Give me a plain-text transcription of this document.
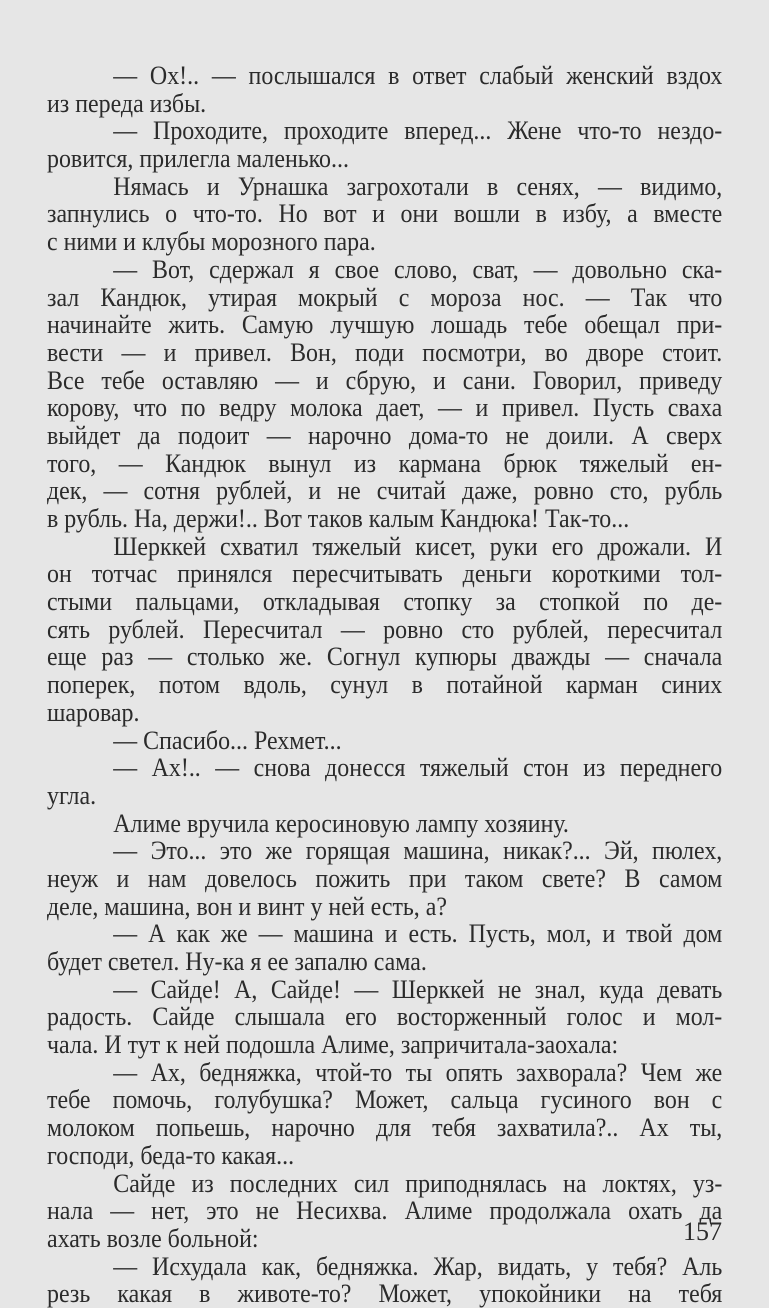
— Ох!.. — послышался в ответ слабый женский вздох
из переда избы.
— Проходите, проходите вперед... Жене что-то нездо-
ровится, прилегла маленько...
Нямась и Урнашка загрохотали в сенях, — видимо,
запнулись о что-то. Но вот и они вошли в избу, а вместе
с ними и клубы морозного пара.
— Вот, сдержал я свое слово, сват, — довольно ска-
зал Кандюк, утирая мокрый с мороза нос. — Так что
начинайте жить. Самую лучшую лошадь тебе обещал при-
вести — и привел. Вон, поди посмотри, во дворе стоит.
Все тебе оставляю — и сбрую, и сани. Говорил, приведу
корову, что по ведру молока дает, — и привел. Пусть сваха
выйдет да подоит — нарочно дома-то не доили. А сверх
того, — Кандюк вынул из кармана брюк тяжелый ен-
дек, — сотня рублей, и не считай даже, ровно сто, рубль
в рубль. На, держи!.. Вот таков калым Кандюка! Так-то...
Шерккей схватил тяжелый кисет, руки его дрожали. И
он тотчас принялся пересчитывать деньги короткими тол-
стыми пальцами, откладывая стопку за стопкой по де-
сять рублей. Пересчитал — ровно сто рублей, пересчитал
еще раз — столько же. Согнул купюры дважды — сначала
поперек, потом вдоль, сунул в потайной карман синих
шаровар.
— Спасибо... Рехмет...
— Ах!.. — снова донесся тяжелый стон из переднего
угла.
Алиме вручила керосиновую лампу хозяину.
— Это... это же горящая машина, никак?... Эй, пюлех,
неуж и нам довелось пожить при таком свете? В самом
деле, машина, вон и винт у ней есть, а?
— А как же — машина и есть. Пусть, мол, и твой дом
будет светел. Ну-ка я ее запалю сама.
— Сайде! А, Сайде! — Шерккей не знал, куда девать
радость. Сайде слышала его восторженный голос и мол-
чала. И тут к ней подошла Алиме, запричитала-заохала:
— Ах, бедняжка, чтой-то ты опять захворала? Чем же
тебе помочь, голубушка? Может, сальца гусиного вон с
молоком попьешь, нарочно для тебя захватила?.. Ах ты,
господи, беда-то какая...
Сайде из последних сил приподнялась на локтях, уз-
нала — нет, это не Несихва. Алиме продолжала охать да
ахать возле больной:
— Исхудала как, бедняжка. Жар, видать, у тебя? Аль
резь какая в животе-то? Может, упокойники на тебя
157
